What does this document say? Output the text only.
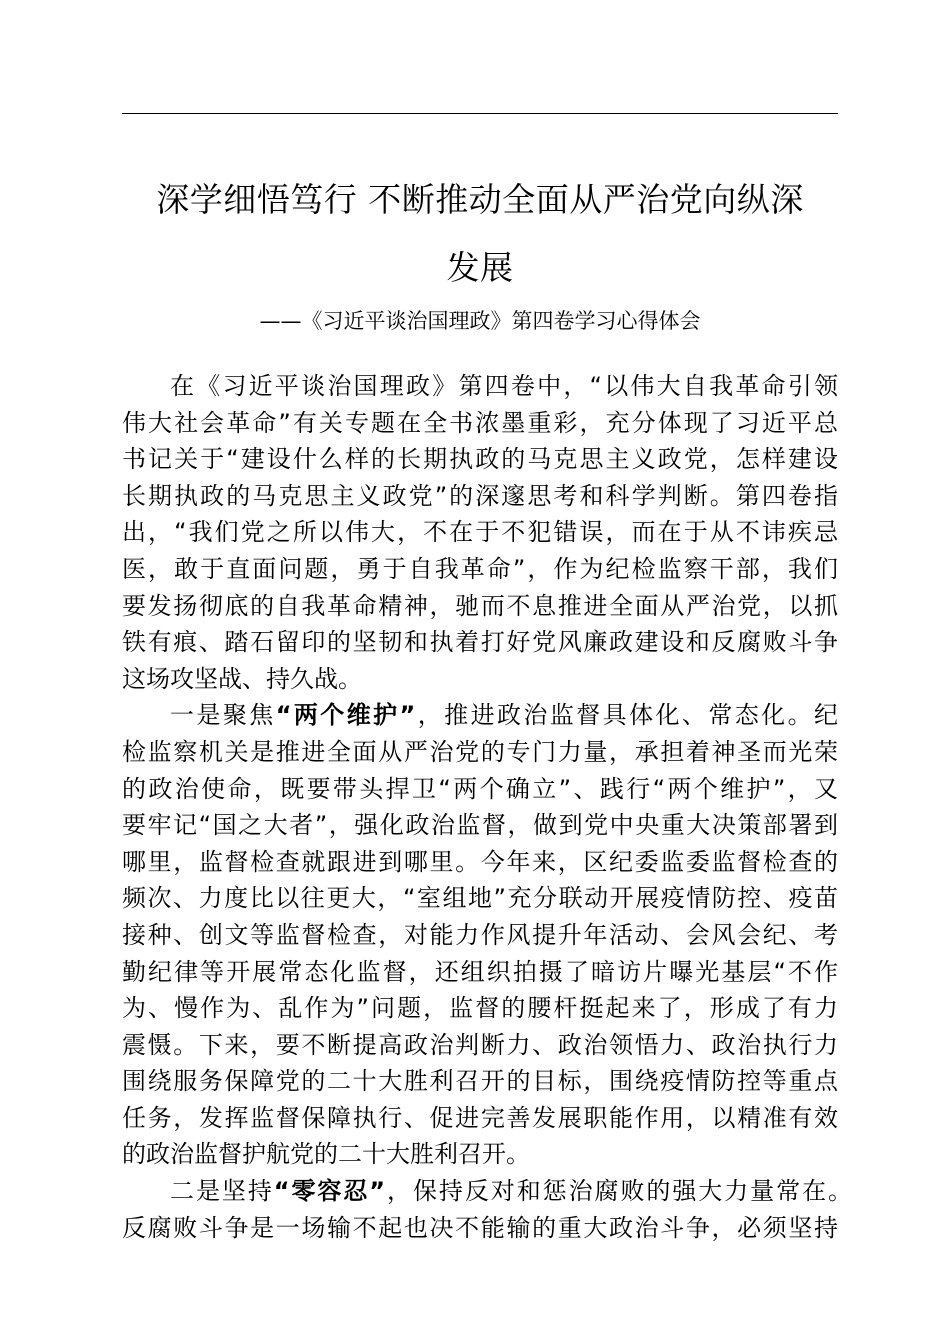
深学细悟笃行 不断推动全面从严治党向纵深
发展
——《习近平谈治国理政》第四卷学习心得体会
在《习近平谈治国理政》第四卷中，“以伟大自我革命引领
伟大社会革命”有关专题在全书浓墨重彩，充分体现了习近平总
书记关于“建设什么样的长期执政的马克思主义政党，怎样建设
长期执政的马克思主义政党”的深邃思考和科学判断。第四卷指
出，“我们党之所以伟大，不在于不犯错误，而在于从不讳疾忌
医，敢于直面问题，勇于自我革命”，作为纪检监察干部，我们
要发扬彻底的自我革命精神，驰而不息推进全面从严治党，以抓
铁有痕、踏石留印的坚韧和执着打好党风廉政建设和反腐败斗争
这场攻坚战、持久战。
一是聚焦“两个维护”，推进政治监督具体化、常态化。纪
检监察机关是推进全面从严治党的专门力量，承担着神圣而光荣
的政治使命，既要带头捍卫“两个确立”、践行“两个维护”，又
要牢记“国之大者”，强化政治监督，做到党中央重大决策部署到
哪里，监督检查就跟进到哪里。今年来，区纪委监委监督检查的
频次、力度比以往更大，“室组地”充分联动开展疫情防控、疫苗
接种、创文等监督检查，对能力作风提升年活动、会风会纪、考
勤纪律等开展常态化监督，还组织拍摄了暗访片曝光基层“不作
为、慢作为、乱作为”问题，监督的腰杆挺起来了，形成了有力
震慑。下来，要不断提高政治判断力、政治领悟力、政治执行力
围绕服务保障党的二十大胜利召开的目标，围绕疫情防控等重点
任务，发挥监督保障执行、促进完善发展职能作用，以精准有效
的政治监督护航党的二十大胜利召开。
二是坚持“零容忍”，保持反对和惩治腐败的强大力量常在。
反腐败斗争是一场输不起也决不能输的重大政治斗争，必须坚持
